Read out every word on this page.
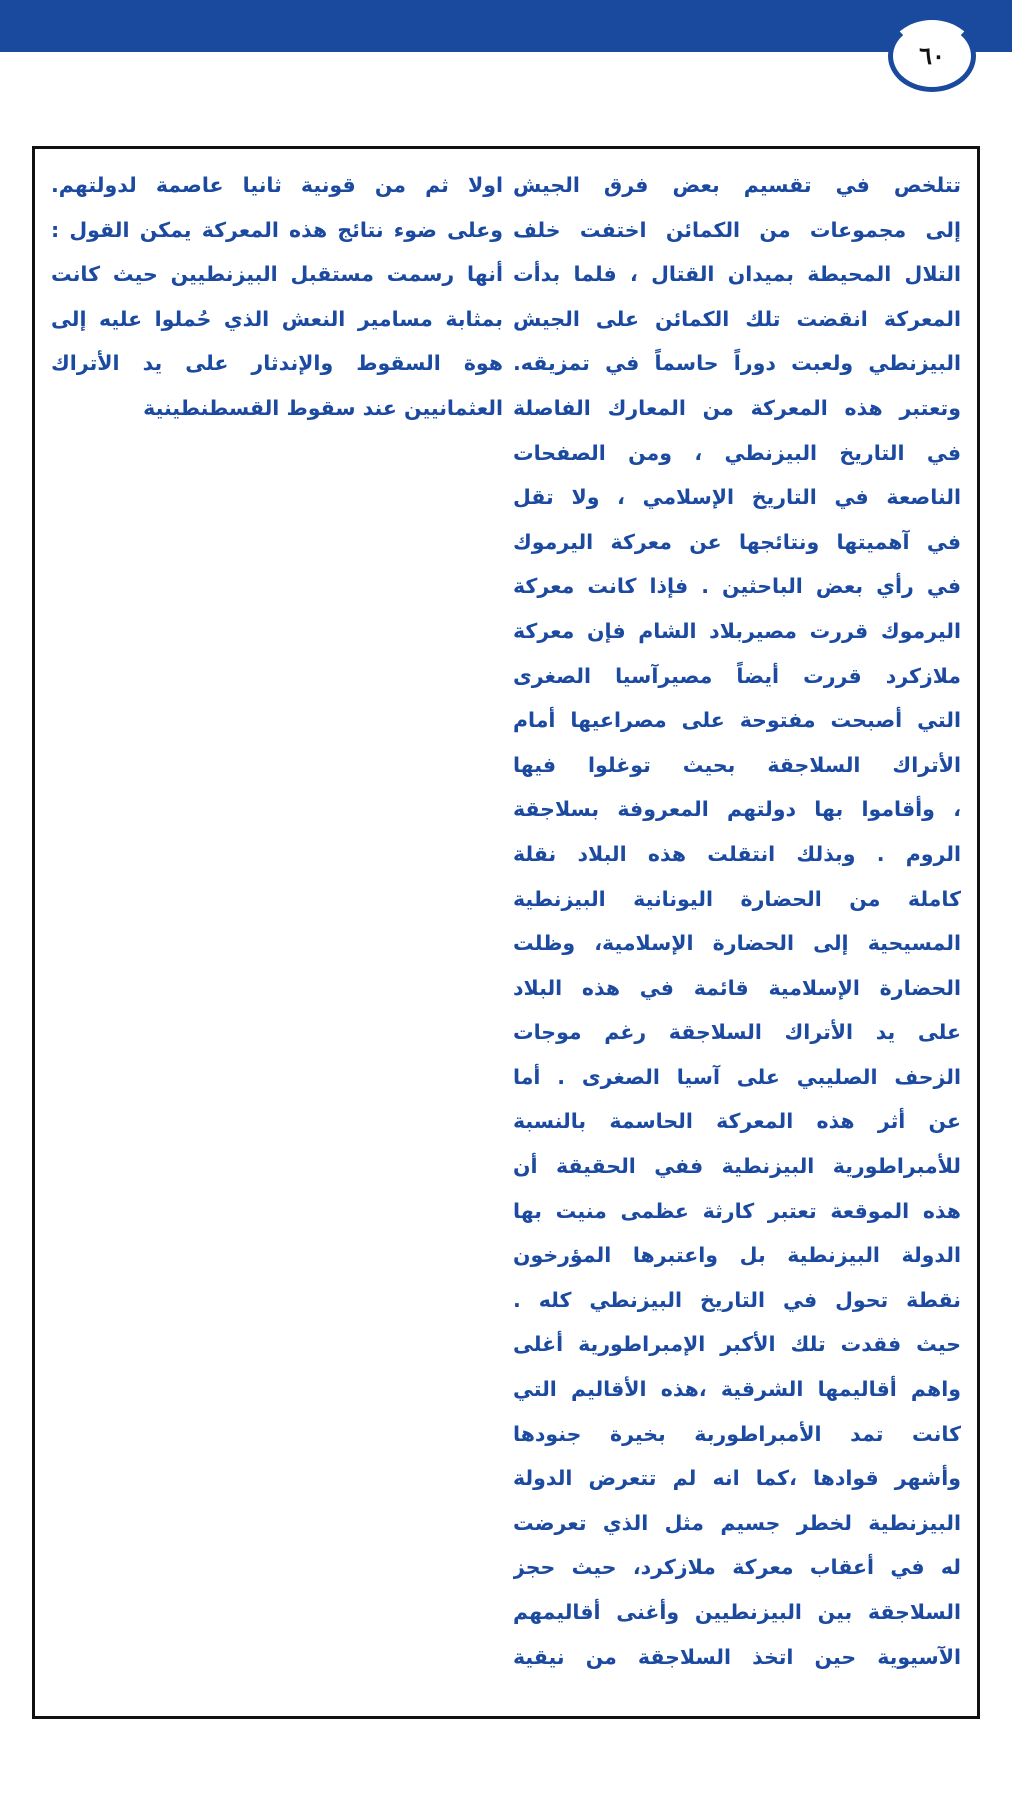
٦٠
تتلخص في تقسيم بعض فرق الجيش
إلى مجموعات من الكمائن اختفت خلف
التلال المحيطة بميدان القتال ، فلما بدأت
المعركة انقضت تلك الكمائن على الجيش
البيزنطي ولعبت دوراً حاسماً في تمزيقه.
وتعتبر هذه المعركة من المعارك الفاصلة
في التاريخ البيزنطي ، ومن الصفحات
الناصعة في التاريخ الإسلامي ، ولا تقل
في آهميتها ونتائجها عن معركة اليرموك
في رأي بعض الباحثين . فإذا كانت معركة
اليرموك قررت مصيربلاد الشام فإن معركة
ملازكرد قررت أيضاً مصيرآسيا الصغرى
التي أصبحت مفتوحة على مصراعيها أمام
الأتراك السلاجقة بحيث توغلوا فيها
، وأقاموا بها دولتهم المعروفة بسلاجقة
الروم . وبذلك انتقلت هذه البلاد نقلة
كاملة من الحضارة اليونانية البيزنطية
المسيحية إلى الحضارة الإسلامية، وظلت
الحضارة الإسلامية قائمة في هذه البلاد
على يد الأتراك السلاجقة رغم موجات
الزحف الصليبي على آسيا الصغرى . أما
عن أثر هذه المعركة الحاسمة بالنسبة
للأمبراطورية البيزنطية ففي الحقيقة أن
هذه الموقعة تعتبر كارثة عظمى منيت بها
الدولة البيزنطية بل واعتبرها المؤرخون
نقطة تحول في التاريخ البيزنطي كله .
حيث فقدت تلك الأكبر الإمبراطورية أغلى
واهم أقاليمها الشرقية ،هذه الأقاليم التي
كانت تمد الأمبراطوربة بخيرة جنودها
وأشهر قوادها ،كما انه لم تتعرض الدولة
البيزنطية لخطر جسيم مثل الذي تعرضت
له في أعقاب معركة ملازكرد، حيث حجز
السلاجقة بين البيزنطيين وأغنى أقاليمهم
الآسيوية حين اتخذ السلاجقة من نيقية
اولا ثم من قونية ثانيا عاصمة لدولتهم.
وعلى ضوء نتائج هذه المعركة يمكن القول :
أنها رسمت مستقبل البيزنطيين حيث كانت
بمثابة مسامير النعش الذي حُملوا عليه إلى
هوة السقوط والإندثار على يد الأتراك
العثمانيين عند سقوط القسطنطينية
